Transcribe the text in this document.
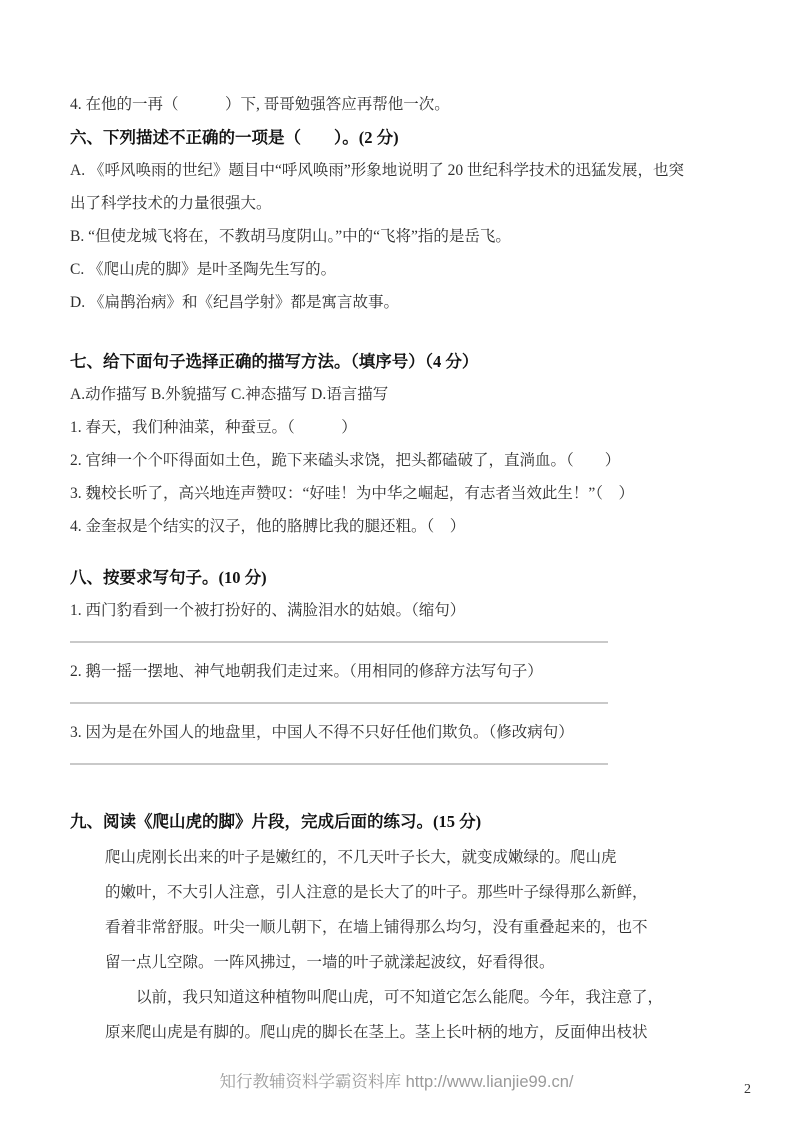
4. 在他的一再（　　　）下, 哥哥勉强答应再帮他一次。
六、下列描述不正确的一项是（　　）。(2 分)
A. 《呼风唤雨的世纪》题目中“呼风唤雨”形象地说明了 20 世纪科学技术的迅猛发展，也突
出了科学技术的力量很强大。
B. “但使龙城飞将在，不教胡马度阴山。”中的“飞将”指的是岳飞。
C. 《爬山虎的脚》是叶圣陶先生写的。
D. 《扁鹊治病》和《纪昌学射》都是寓言故事。
七、给下面句子选择正确的描写方法。（填序号）（4 分）
A.动作描写 B.外貌描写 C.神态描写 D.语言描写
1. 春天，我们种油菜，种蚕豆。（　　　）
2. 官绅一个个吓得面如土色，跪下来磕头求饶，把头都磕破了，直淌血。（　　）
3. 魏校长听了，高兴地连声赞叹：“好哇！为中华之崛起，有志者当效此生！”（　）
4. 金奎叔是个结实的汉子，他的胳膊比我的腿还粗。（　）
八、按要求写句子。(10 分)
1. 西门豹看到一个被打扮好的、满脸泪水的姑娘。（缩句）
2. 鹅一摇一摆地、神气地朝我们走过来。（用相同的修辞方法写句子）
3. 因为是在外国人的地盘里，中国人不得不只好任他们欺负。（修改病句）
九、阅读《爬山虎的脚》片段，完成后面的练习。(15 分)
爬山虎刚长出来的叶子是嫩红的，不几天叶子长大，就变成嫩绿的。爬山虎
的嫩叶，不大引人注意，引人注意的是长大了的叶子。那些叶子绿得那么新鲜，
看着非常舒服。叶尖一顺儿朝下，在墙上铺得那么均匀，没有重叠起来的，也不
留一点儿空隙。一阵风拂过，一墙的叶子就漾起波纹，好看得很。
　　以前，我只知道这种植物叫爬山虎，可不知道它怎么能爬。今年，我注意了，
原来爬山虎是有脚的。爬山虎的脚长在茎上。茎上长叶柄的地方，反面伸出枝状
知行教辅资料学霸资料库 http://www.lianjie99.cn/	2
